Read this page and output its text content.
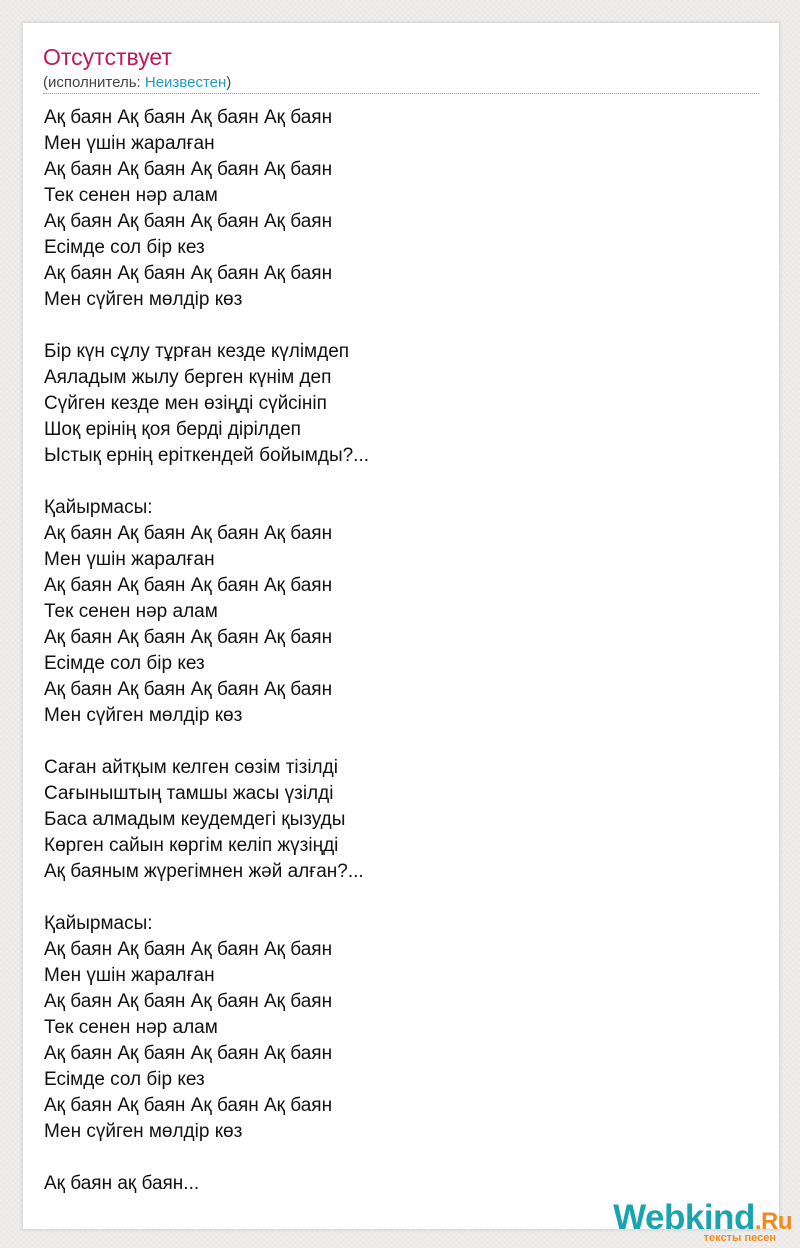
Отсутствует
(исполнитель: Неизвестен)
Ақ баян Ақ баян Ақ баян Ақ баян
Мен үшін жаралған
Ақ баян Ақ баян Ақ баян Ақ баян
Тек сенен нәр алам
Ақ баян Ақ баян Ақ баян Ақ баян
Есімде сол бір кез
Ақ баян Ақ баян Ақ баян Ақ баян
Мен сүйген мөлдір көз
Бір күн сұлу тұрған кезде күлімдеп
Аяладым жылу берген күнім деп
Сүйген кезде мен өзіңді сүйсініп
Шоқ ерінің қоя берді дірілдеп
Ыстық ернің еріткендей бойымды?...
Қайырмасы:
Ақ баян Ақ баян Ақ баян Ақ баян
Мен үшін жаралған
Ақ баян Ақ баян Ақ баян Ақ баян
Тек сенен нәр алам
Ақ баян Ақ баян Ақ баян Ақ баян
Есімде сол бір кез
Ақ баян Ақ баян Ақ баян Ақ баян
Мен сүйген мөлдір көз
Саған айтқым келген сөзім тізілді
Сағыныштың тамшы жасы үзілді
Баса алмадым кеудемдегі қызуды
Көрген сайын көргім келіп жүзіңді
Ақ баяным жүрегімнен жәй алған?...
Қайырмасы:
Ақ баян Ақ баян Ақ баян Ақ баян
Мен үшін жаралған
Ақ баян Ақ баян Ақ баян Ақ баян
Тек сенен нәр алам
Ақ баян Ақ баян Ақ баян Ақ баян
Есімде сол бір кез
Ақ баян Ақ баян Ақ баян Ақ баян
Мен сүйген мөлдір көз
Ақ баян ақ баян...
Webkind.Ru
тексты песен
